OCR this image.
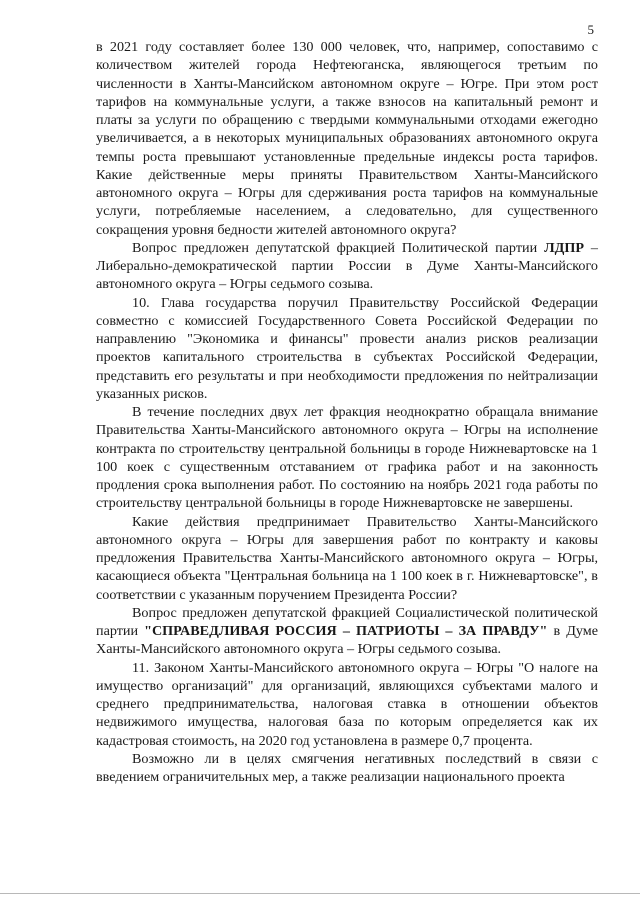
5

в 2021 году составляет более 130 000 человек, что, например, сопоставимо с количеством жителей города Нефтеюганска, являющегося третьим по численности в Ханты-Мансийском автономном округе – Югре. При этом рост тарифов на коммунальные услуги, а также взносов на капитальный ремонт и платы за услуги по обращению с твердыми коммунальными отходами ежегодно увеличивается, а в некоторых муниципальных образованиях автономного округа темпы роста превышают установленные предельные индексы роста тарифов. Какие действенные меры приняты Правительством Ханты-Мансийского автономного округа – Югры для сдерживания роста тарифов на коммунальные услуги, потребляемые населением, а следовательно, для существенного сокращения уровня бедности жителей автономного округа?

Вопрос предложен депутатской фракцией Политической партии ЛДПР – Либерально-демократической партии России в Думе Ханты-Мансийского автономного округа – Югры седьмого созыва.

10. Глава государства поручил Правительству Российской Федерации совместно с комиссией Государственного Совета Российской Федерации по направлению "Экономика и финансы" провести анализ рисков реализации проектов капитального строительства в субъектах Российской Федерации, представить его результаты и при необходимости предложения по нейтрализации указанных рисков.

В течение последних двух лет фракция неоднократно обращала внимание Правительства Ханты-Мансийского автономного округа – Югры на исполнение контракта по строительству центральной больницы в городе Нижневартовске на 1 100 коек с существенным отставанием от графика работ и на законность продления срока выполнения работ. По состоянию на ноябрь 2021 года работы по строительству центральной больницы в городе Нижневартовске не завершены.

Какие действия предпринимает Правительство Ханты-Мансийского автономного округа – Югры для завершения работ по контракту и каковы предложения Правительства Ханты-Мансийского автономного округа – Югры, касающиеся объекта "Центральная больница на 1 100 коек в г. Нижневартовске", в соответствии с указанным поручением Президента России?

Вопрос предложен депутатской фракцией Социалистической политической партии "СПРАВЕДЛИВАЯ РОССИЯ – ПАТРИОТЫ – ЗА ПРАВДУ" в Думе Ханты-Мансийского автономного округа – Югры седьмого созыва.

11. Законом Ханты-Мансийского автономного округа – Югры "О налоге на имущество организаций" для организаций, являющихся субъектами малого и среднего предпринимательства, налоговая ставка в отношении объектов недвижимого имущества, налоговая база по которым определяется как их кадастровая стоимость, на 2020 год установлена в размере 0,7 процента.

Возможно ли в целях смягчения негативных последствий в связи с введением ограничительных мер, а также реализации национального проекта
